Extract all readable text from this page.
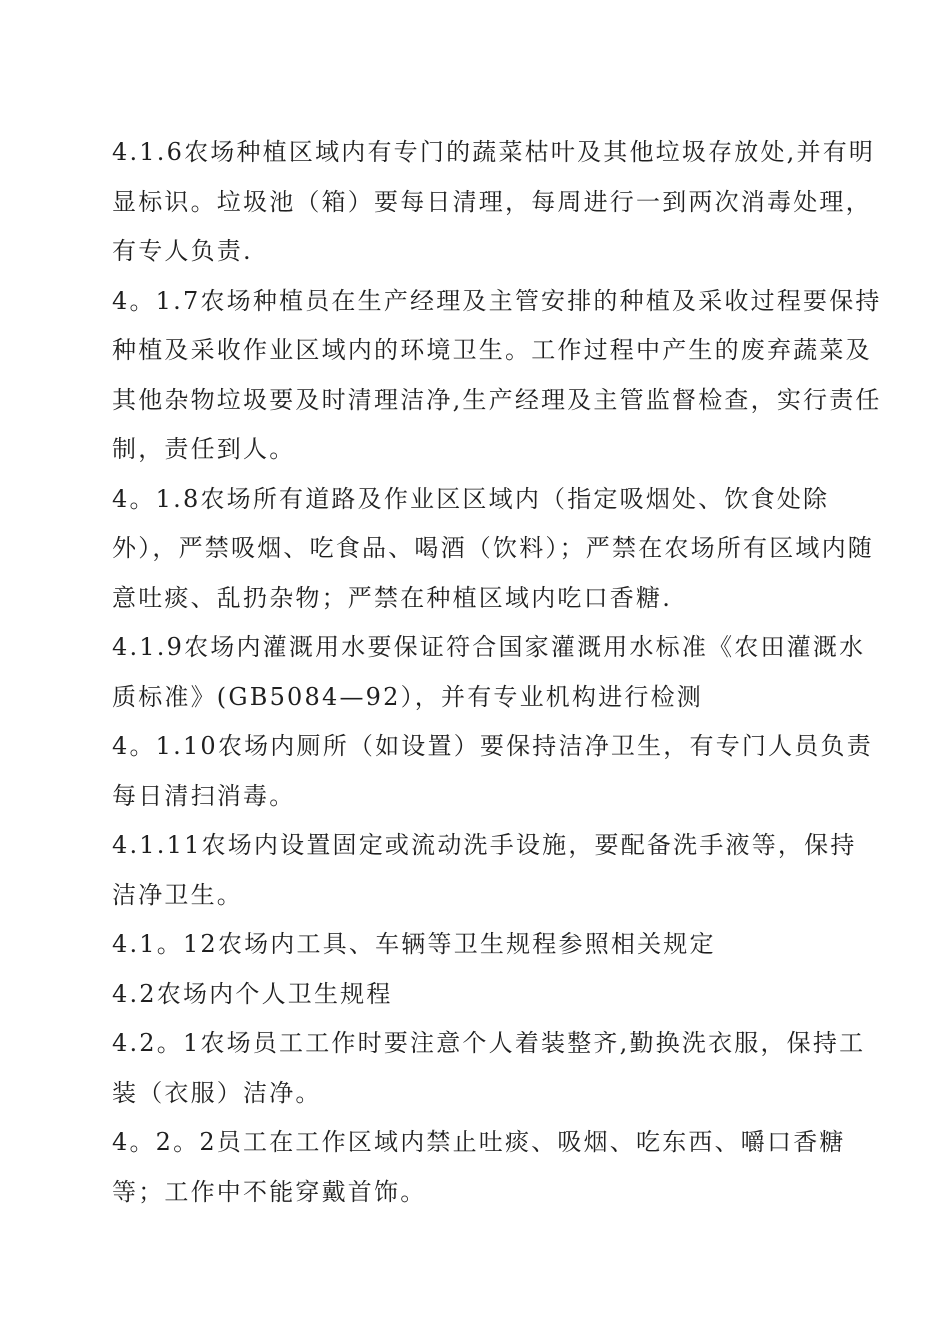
4.1.6农场种植区域内有专门的蔬菜枯叶及其他垃圾存放处,并有明显标识。垃圾池（箱）要每日清理，每周进行一到两次消毒处理，有专人负责.

4。1.7农场种植员在生产经理及主管安排的种植及采收过程要保持种植及采收作业区域内的环境卫生。工作过程中产生的废弃蔬菜及其他杂物垃圾要及时清理洁净,生产经理及主管监督检查，实行责任制，责任到人。

4。1.8农场所有道路及作业区区域内（指定吸烟处、饮食处除外），严禁吸烟、吃食品、喝酒（饮料）；严禁在农场所有区域内随意吐痰、乱扔杂物；严禁在种植区域内吃口香糖.

4.1.9农场内灌溉用水要保证符合国家灌溉用水标准《农田灌溉水质标准》(GB5084—92），并有专业机构进行检测

4。1.10农场内厕所（如设置）要保持洁净卫生，有专门人员负责每日清扫消毒。

4.1.11农场内设置固定或流动洗手设施，要配备洗手液等，保持洁净卫生。

4.1。12农场内工具、车辆等卫生规程参照相关规定

4.2农场内个人卫生规程

4.2。1农场员工工作时要注意个人着装整齐,勤换洗衣服，保持工装（衣服）洁净。

4。2。2员工在工作区域内禁止吐痰、吸烟、吃东西、嚼口香糖等；工作中不能穿戴首饰。
